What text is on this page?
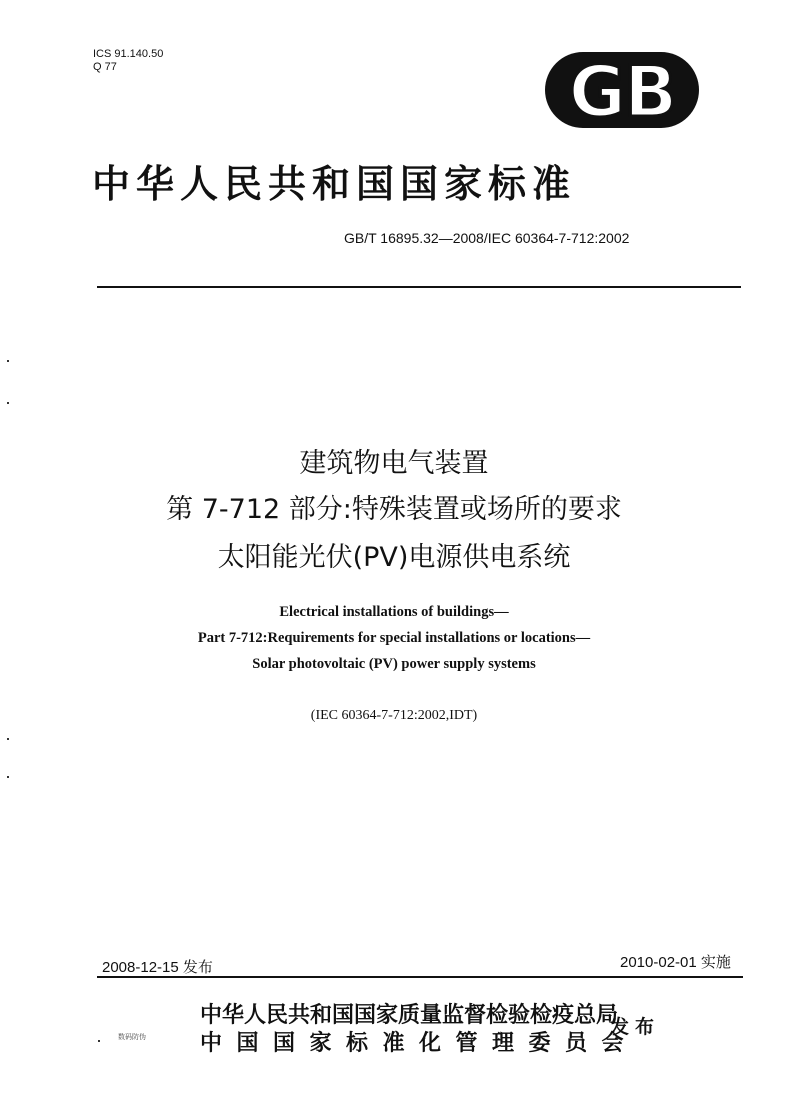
ICS 91.140.50
Q 77	GB
中华人民共和国国家标准
GB/T 16895.32—2008/IEC 60364-7-712:2002
建筑物电气装置
第 7-712 部分:特殊装置或场所的要求
太阳能光伏(PV)电源供电系统
Electrical installations of buildings—
Part 7-712:Requirements for special installations or locations—
Solar photovoltaic (PV) power supply systems
(IEC 60364-7-712:2002,IDT)
2008-12-15 发布	2010-02-01 实施
中华人民共和国国家质量监督检验检疫总局
中国国家标准化管理委员会
发布
数码防伪
